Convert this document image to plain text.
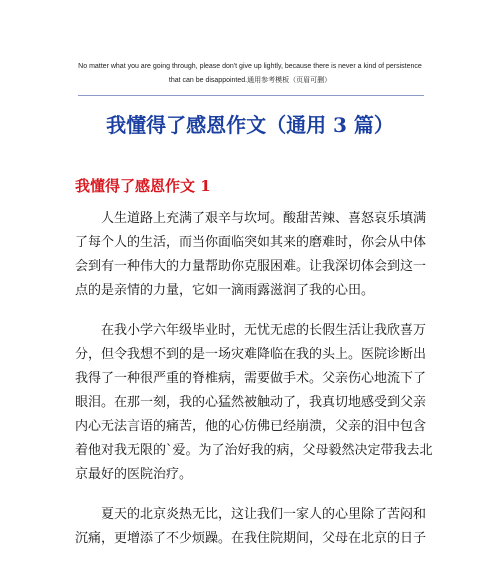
No matter what you are going through, please don't give up lightly, because there is never a kind of persistence
that can be disappointed.通用参考模板（页眉可删）

我懂得了感恩作文（通用 3 篇）
我懂得了感恩作文 1

　　人生道路上充满了艰辛与坎坷。酸甜苦辣、喜怒哀乐填满
了每个人的生活，而当你面临突如其来的磨难时，你会从中体
会到有一种伟大的力量帮助你克服困难。让我深切体会到这一
点的是亲情的力量，它如一滴雨露滋润了我的心田。

　　在我小学六年级毕业时，无忧无虑的长假生活让我欣喜万
分，但令我想不到的是一场灾难降临在我的头上。医院诊断出
我得了一种很严重的脊椎病，需要做手术。父亲伤心地流下了
眼泪。在那一刻，我的心猛然被触动了，我真切地感受到父亲
内心无法言语的痛苦，他的心仿佛已经崩溃，父亲的泪中包含
着他对我无限的`爱。为了治好我的病，父母毅然决定带我去北
京最好的医院治疗。

　　夏天的北京炎热无比，这让我们一家人的心里除了苦闷和
沉痛，更增添了不少烦躁。在我住院期间，父母在北京的日子
